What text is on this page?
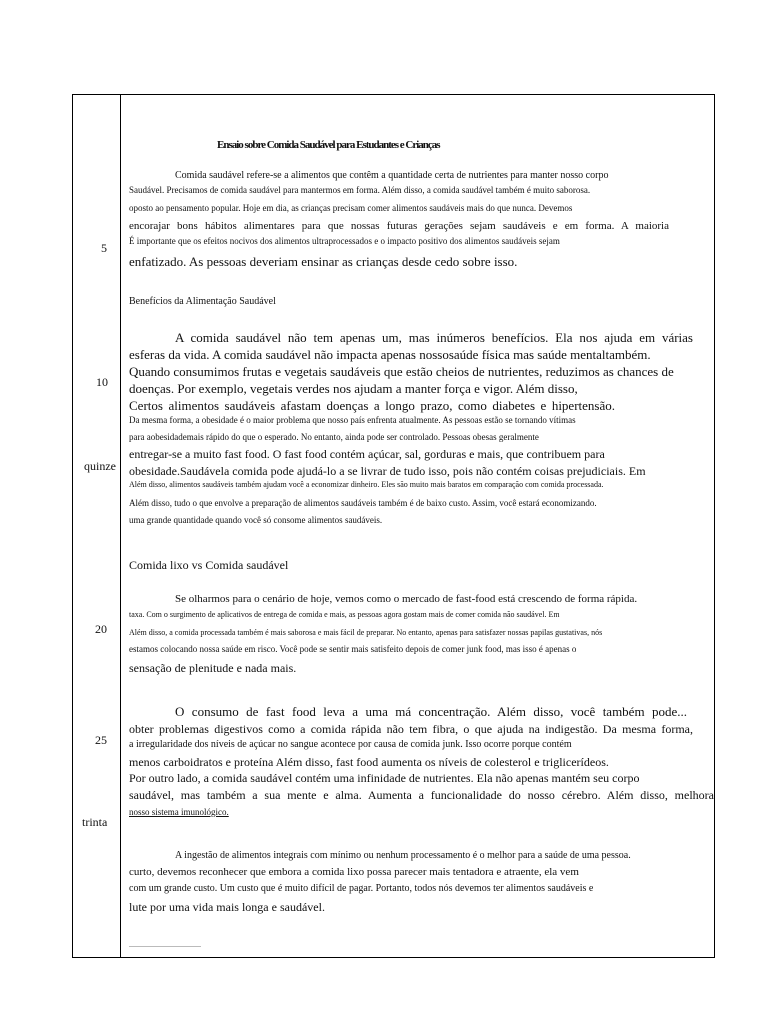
5
10
quinze
20
25
trinta
Ensaio sobre Comida Saudável para Estudantes e Crianças
Comida saudável refere-se a alimentos que contêm a quantidade certa de nutrientes para manter nosso corpo
Saudável. Precisamos de comida saudável para mantermos em forma. Além disso, a comida saudável também é muito saborosa.
oposto ao pensamento popular. Hoje em dia, as crianças precisam comer alimentos saudáveis mais do que nunca. Devemos
encorajar bons hábitos alimentares para que nossas futuras gerações sejam saudáveis e em forma. A maioria
É importante que os efeitos nocivos dos alimentos ultraprocessados e o impacto positivo dos alimentos saudáveis sejam
enfatizado. As pessoas deveriam ensinar as crianças desde cedo sobre isso.
Benefícios da Alimentação Saudável
A comida saudável não tem apenas um, mas inúmeros benefícios. Ela nos ajuda em várias
esferas da vida. A comida saudável não impacta apenas nossosaúde física mas saúde mentaltambém.
Quando consumimos frutas e vegetais saudáveis que estão cheios de nutrientes, reduzimos as chances de
doenças. Por exemplo, vegetais verdes nos ajudam a manter força e vigor. Além disso,
Certos alimentos saudáveis afastam doenças a longo prazo, como diabetes e hipertensão.
Da mesma forma, a obesidade é o maior problema que nosso país enfrenta atualmente. As pessoas estão se tornando vítimas
para aobesidademais rápido do que o esperado. No entanto, ainda pode ser controlado. Pessoas obesas geralmente
entregar-se a muito fast food. O fast food contém açúcar, sal, gorduras e mais, que contribuem para
obesidade.Saudávela comida pode ajudá-lo a se livrar de tudo isso, pois não contém coisas prejudiciais. Em
Além disso, alimentos saudáveis também ajudam você a economizar dinheiro. Eles são muito mais baratos em comparação com comida processada.
Além disso, tudo o que envolve a preparação de alimentos saudáveis também é de baixo custo. Assim, você estará economizando.
uma grande quantidade quando você só consome alimentos saudáveis.
Comida lixo vs Comida saudável
Se olharmos para o cenário de hoje, vemos como o mercado de fast-food está crescendo de forma rápida.
taxa. Com o surgimento de aplicativos de entrega de comida e mais, as pessoas agora gostam mais de comer comida não saudável. Em
Além disso, a comida processada também é mais saborosa e mais fácil de preparar. No entanto, apenas para satisfazer nossas papilas gustativas, nós
estamos colocando nossa saúde em risco. Você pode se sentir mais satisfeito depois de comer junk food, mas isso é apenas o
sensação de plenitude e nada mais.
O consumo de fast food leva a uma má concentração. Além disso, você também pode...
obter problemas digestivos como a comida rápida não tem fibra, o que ajuda na indigestão. Da mesma forma,
a irregularidade dos níveis de açúcar no sangue acontece por causa de comida junk. Isso ocorre porque contém
menos carboidratos e proteína Além disso, fast food aumenta os níveis de colesterol e triglicerídeos.
Por outro lado, a comida saudável contém uma infinidade de nutrientes. Ela não apenas mantém seu corpo
saudável, mas também a sua mente e alma. Aumenta a funcionalidade do nosso cérebro. Além disso, melhora
nosso sistema imunológico.
A ingestão de alimentos integrais com mínimo ou nenhum processamento é o melhor para a saúde de uma pessoa.
curto, devemos reconhecer que embora a comida lixo possa parecer mais tentadora e atraente, ela vem
com um grande custo. Um custo que é muito difícil de pagar. Portanto, todos nós devemos ter alimentos saudáveis e
lute por uma vida mais longa e saudável.
